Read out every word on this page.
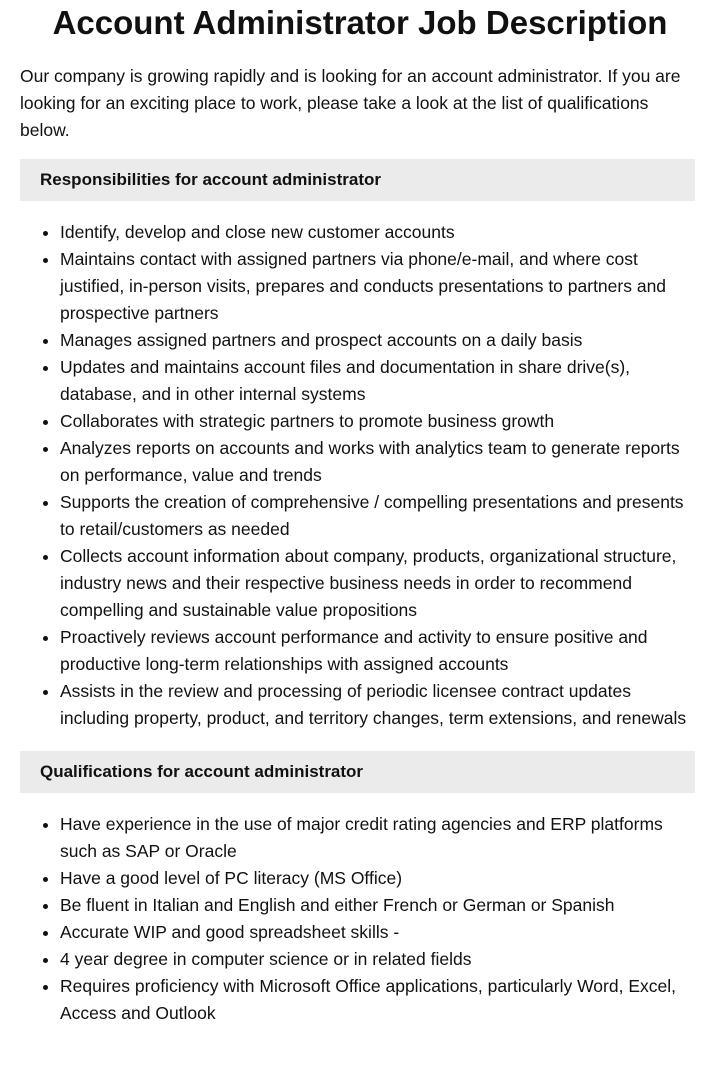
Account Administrator Job Description

Our company is growing rapidly and is looking for an account administrator. If you are looking for an exciting place to work, please take a look at the list of qualifications below.

Responsibilities for account administrator
• Identify, develop and close new customer accounts
• Maintains contact with assigned partners via phone/e-mail, and where cost justified, in-person visits, prepares and conducts presentations to partners and prospective partners
• Manages assigned partners and prospect accounts on a daily basis
• Updates and maintains account files and documentation in share drive(s), database, and in other internal systems
• Collaborates with strategic partners to promote business growth
• Analyzes reports on accounts and works with analytics team to generate reports on performance, value and trends
• Supports the creation of comprehensive / compelling presentations and presents to retail/customers as needed
• Collects account information about company, products, organizational structure, industry news and their respective business needs in order to recommend compelling and sustainable value propositions
• Proactively reviews account performance and activity to ensure positive and productive long-term relationships with assigned accounts
• Assists in the review and processing of periodic licensee contract updates including property, product, and territory changes, term extensions, and renewals
Qualifications for account administrator
• Have experience in the use of major credit rating agencies and ERP platforms such as SAP or Oracle
• Have a good level of PC literacy (MS Office)
• Be fluent in Italian and English and either French or German or Spanish
• Accurate WIP and good spreadsheet skills -
• 4 year degree in computer science or in related fields
• Requires proficiency with Microsoft Office applications, particularly Word, Excel, Access and Outlook
